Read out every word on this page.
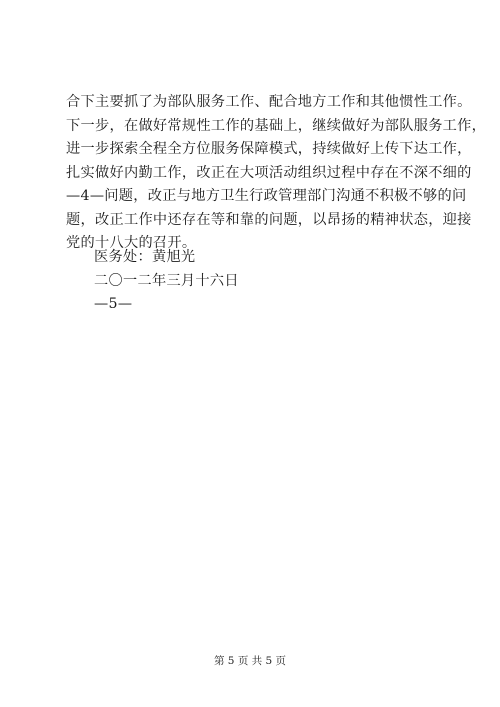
合下主要抓了为部队服务工作、配合地方工作和其他惯性工作。
下一步，在做好常规性工作的基础上，继续做好为部队服务工作，
进一步探索全程全方位服务保障模式，持续做好上传下达工作，
扎实做好内勤工作，改正在大项活动组织过程中存在不深不细的
—4—问题，改正与地方卫生行政管理部门沟通不积极不够的问
题，改正工作中还存在等和靠的问题，以昂扬的精神状态，迎接
党的十八大的召开。
医务处：黄旭光
二〇一二年三月十六日
—5—
第 5 页 共 5 页
